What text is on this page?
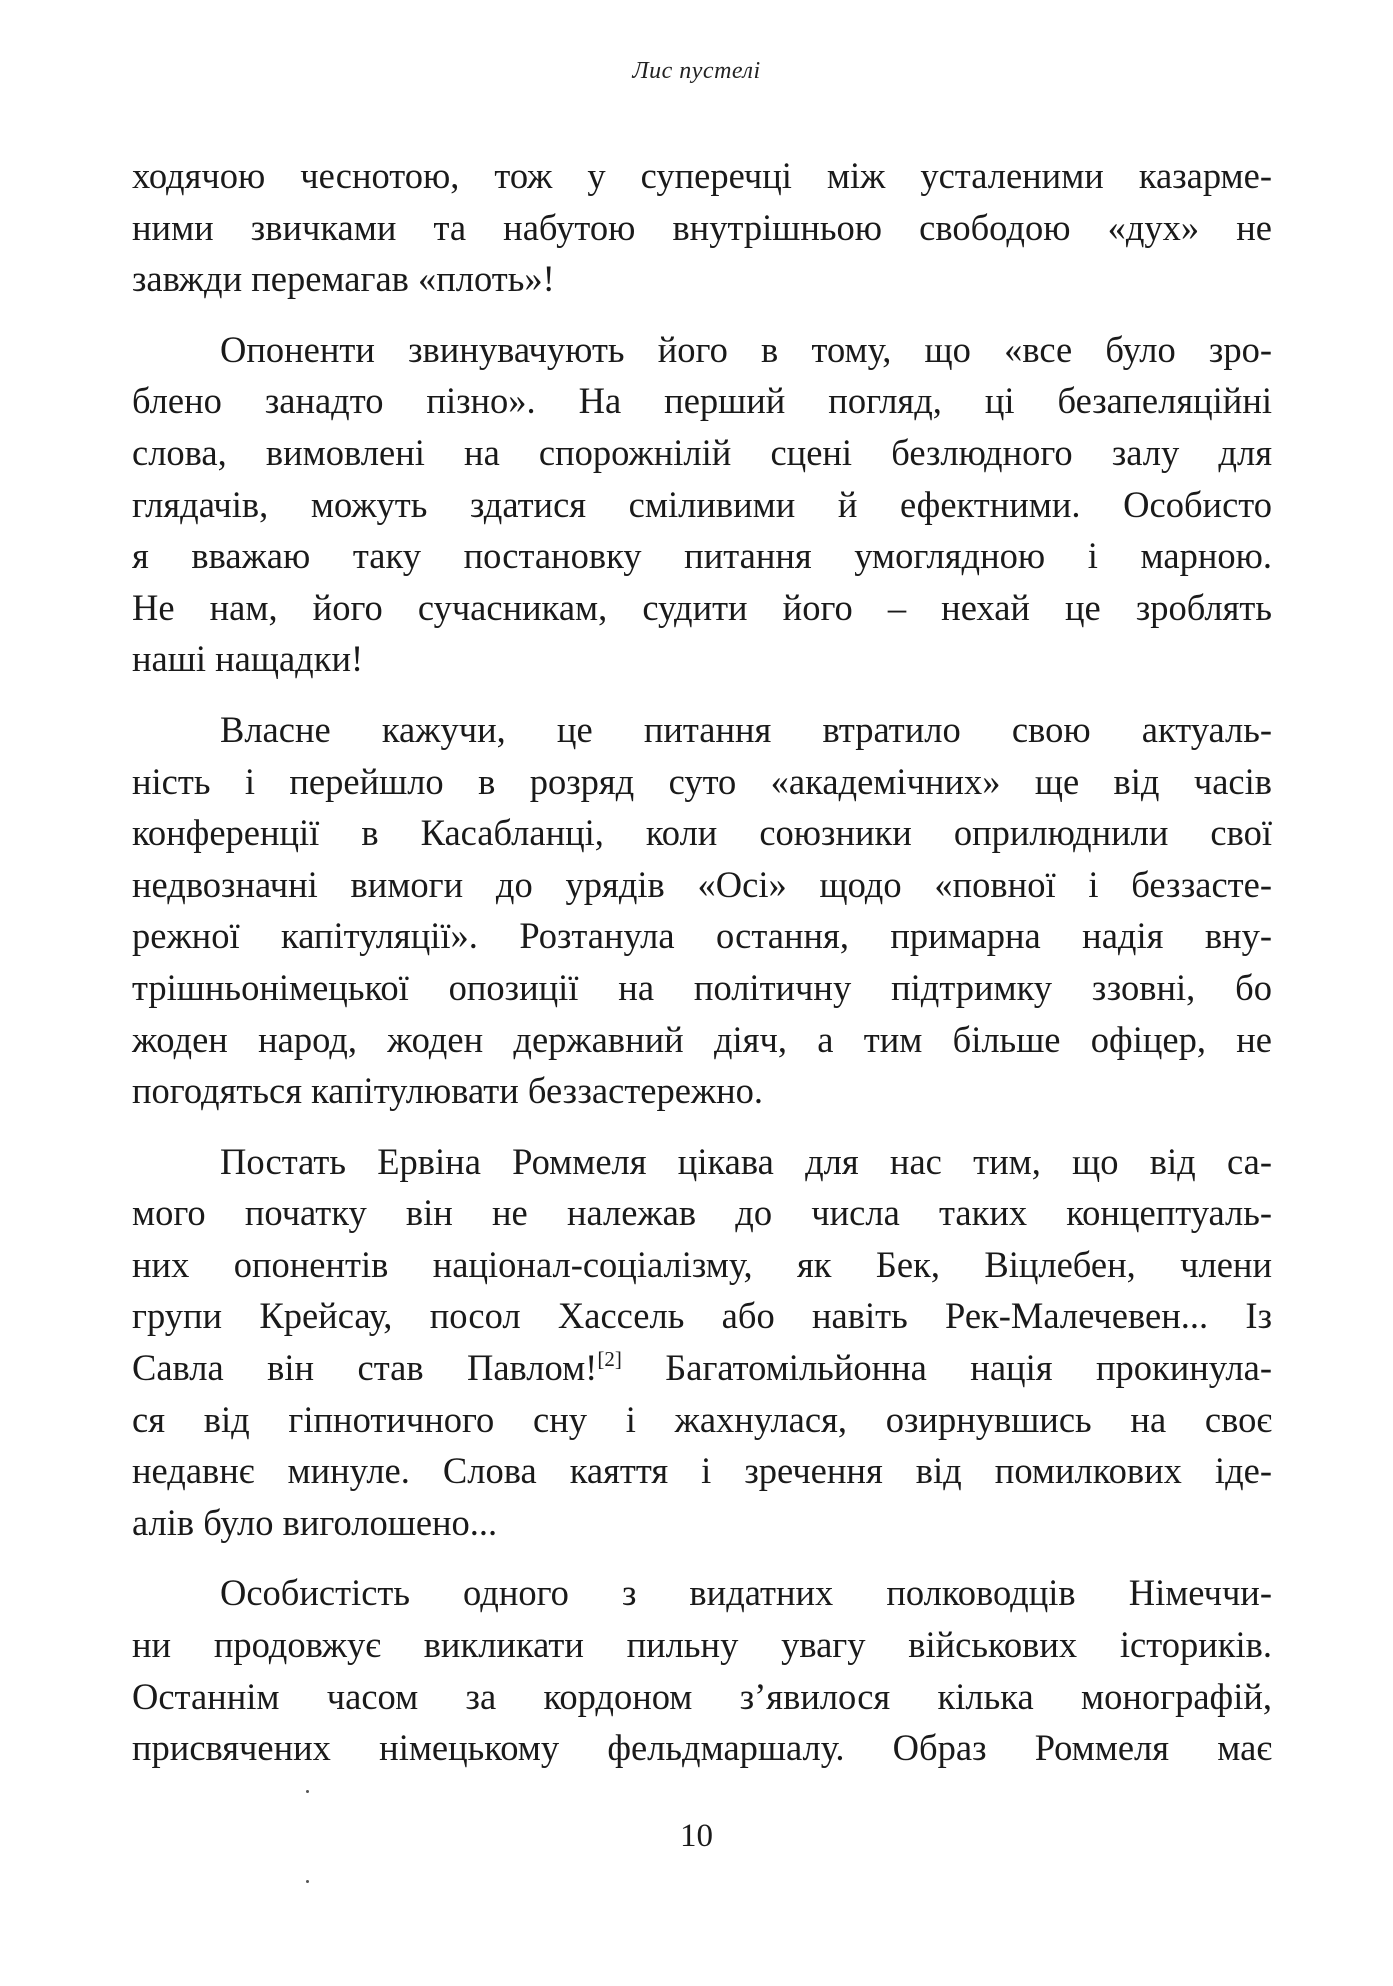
Лис пустелі
ходячою чеснотою, тож у суперечці між усталеними казарме-
ними звичками та набутою внутрішньою свободою «дух» не
завжди перемагав «плоть»!
Опоненти звинувачують його в тому, що «все було зро-
блено занадто пізно». На перший погляд, ці безапеляційні
слова, вимовлені на спорожнілій сцені безлюдного залу для
глядачів, можуть здатися сміливими й ефектними. Особисто
я вважаю таку постановку питання умоглядною і марною.
Не нам, його сучасникам, судити його – нехай це зроблять
наші нащадки!
Власне кажучи, це питання втратило свою актуаль-
ність і перейшло в розряд суто «академічних» ще від часів
конференції в Касабланці, коли союзники оприлюднили свої
недвозначні вимоги до урядів «Осі» щодо «повної і беззасте-
режної капітуляції». Розтанула остання, примарна надія вну-
трішньонімецької опозиції на політичну підтримку ззовні, бо
жоден народ, жоден державний діяч, а тим більше офіцер, не
погодяться капітулювати беззастережно.
Постать Ервіна Роммеля цікава для нас тим, що від са-
мого початку він не належав до числа таких концептуаль-
них опонентів націонал-соціалізму, як Бек, Віцлебен, члени
групи Крейсау, посол Хассель або навіть Рек-Малечевен... Із
Савла він став Павлом![2] Багатомільйонна нація прокинула-
ся від гіпнотичного сну і жахнулася, озирнувшись на своє
недавнє минуле. Слова каяття і зречення від помилкових іде-
алів було виголошено...
Особистість одного з видатних полководців Німеччи-
ни продовжує викликати пильну увагу військових істориків.
Останнім часом за кордоном з’явилося кілька монографій,
присвячених німецькому фельдмаршалу. Образ Роммеля має
10
